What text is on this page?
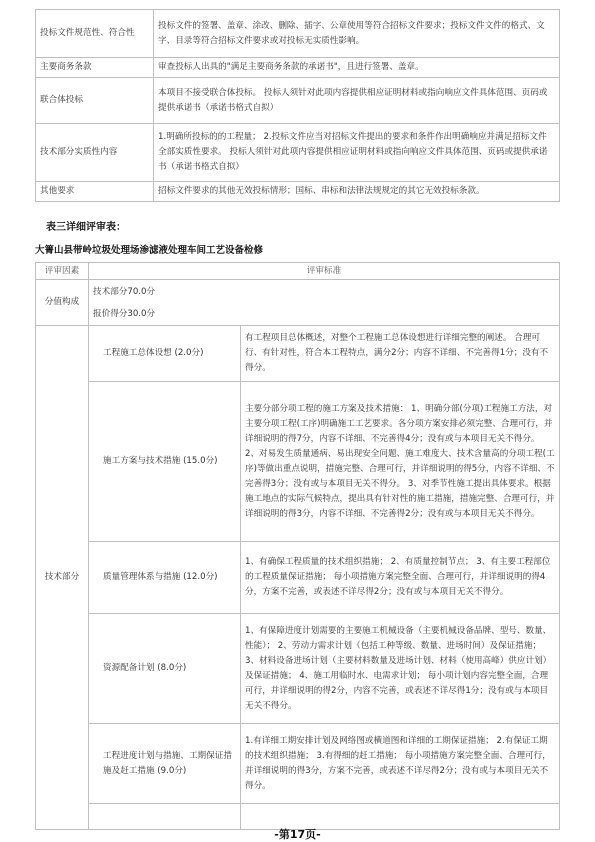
投标文件规范性、符合性	投标文件的签署、盖章、涂改、删除、插字、公章使用等符合招标文件要求；投标文件文件的格式、文字、目录等符合招标文件要求或对投标无实质性影响。
主要商务条款	审查投标人出具的"满足主要商务条款的承诺书"，且进行签署、盖章。
联合体投标	本项目不接受联合体投标。 投标人须针对此项内容提供相应证明材料或指向响应文件具体范围、页码或提供承诺书（承诺书格式自拟）
技术部分实质性内容	1.明确所投标的的工程量； 2.投标文件应当对招标文件提出的要求和条件作出明确响应并满足招标文件全部实质性要求。 投标人须针对此项内容提供相应证明材料或指向响应文件具体范围、页码或提供承诺书（承诺书格式自拟）
其他要求	招标文件要求的其他无效投标情形；国标、串标和法律法规规定的其它无效投标条款。
表三详细评审表：
大箐山县带岭垃圾处理场渗滤液处理车间工艺设备检修
评审因素	评审标准	
分值构成	技术部分70.0分
报价得分30.0分	

技术部分	工程施工总体设想 (2.0分)	有工程项目总体概述，对整个工程施工总体设想进行详细完整的阐述。 合理可行、有针对性，符合本工程特点，满分2分；内容不详细、不完善得1分；没有不得分。
	施工方案与技术措施 (15.0分)	主要分部分项工程的施工方案及技术措施： 1、明确分部(分项)工程施工方法，对主要分项工程(工序)明确施工工艺要求。各分项方案安排必须完整、合理可行，并详细说明的得7分，内容不详细、不完善得4分；没有或与本项目无关不得分。 2、对易发生质量通病、易出现安全问题、施工难度大、技术含量高的分项工程(工序)等做出重点说明，措施完整、合理可行，并详细说明的得5分，内容不详细、不完善得3分；没有或与本项目无关不得分。 3、对季节性施工提出具体要求。根据施工地点的实际气候特点，提出具有针对性的施工措施，措施完整、合理可行，并详细说明的得3分，内容不详细、不完善得2分；没有或与本项目无关不得分。
	质量管理体系与措施 (12.0分)	1、有确保工程质量的技术组织措施； 2、有质量控制节点； 3、有主要工程部位的工程质量保证措施； 每小项措施方案完整全面、合理可行，并详细说明的得4分，方案不完善，或表述不详尽得2分；没有或与本项目无关不得分。
	资源配备计划 (8.0分)	1、有保障进度计划需要的主要施工机械设备（主要机械设备品牌、型号、数量、性能）； 2、劳动力需求计划（包括工种等级、数量、进场时间）及保证措施； 3、材料设备进场计划（主要材料数量及进场计划、材料（使用高峰）供应计划）及保证措施； 4、施工用临时水、电需求计划； 每小项计划内容完整全面，合理可行，并详细说明的得2分，内容不完善，或表述不详尽得1分；没有或与本项目无关不得分。
	工程进度计划与措施、工期保证措施及赶工措施 (9.0分)	1.有详细工期安排计划及网络图或横道图和详细的工期保证措施； 2.有保证工期的技术组织措施； 3.有得细的赶工措施； 每小项措施方案完整全面、合理可行，并详细说明的得3分，方案不完善，或表述不详尽得2分；没有或与本项目无关不得分。

-第17页-
